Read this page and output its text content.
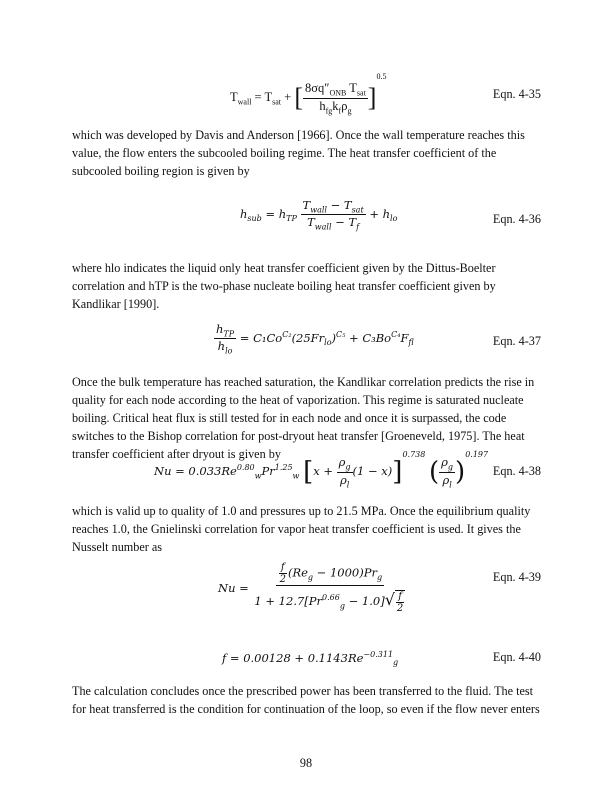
$T_{wall} = T_{sat}$ + [ $\frac{8\sigma q''_{ONB} T_{sat}}{h_{fg}k_f\rho_g} ]^{0.5}$
Eqn. 4-35
which was developed by Davis and Anderson [1966]. Once the wall temperature reaches this value, the flow enters the subcooled boiling regime. The heat transfer coefficient of the subcooled boiling region is given by
$h_{sub} = h_{TP} \frac{T_{wall} - T_{sat}}{T_{wall} - T_f} + h_{lo}$	Eqn. 4-36
where hlo indicates the liquid only heat transfer coefficient given by the Dittus-Boelter correlation and hTP is the two-phase nucleate boiling heat transfer coefficient given by Kandlikar [1990].
$\frac{h_{TP}}{h_{lo}} = C_1Co^{C_2}(25Fr_{lo})^{C_5} + C_3Bo^{C_4}F_{fl}$	Eqn. 4-37
Once the bulk temperature has reached saturation, the Kandlikar correlation predicts the rise in quality for each node according to the heat of vaporization. This regime is saturated nucleate boiling. Critical heat flux is still tested for in each node and once it is surpassed, the code switches to the Bishop correlation for post-dryout heat transfer [Groeneveld, 1975]. The heat transfer coefficient after dryout is given by
$Nu = 0.033Re^{0.80}_wPr^{1.25}_w$ $[x + \frac{\rho_g}{\rho_l} (1 - x)]^{0.738}$ ( $\frac{\rho_g}{\rho_l} )^{0.197}$
Eqn. 4-38
which is valid up to quality of 1.0 and pressures up to 21.5 MPa. Once the equilibrium quality reaches 1.0, the Gnielinski correlation for vapor heat transfer coefficient is used. It gives the Nusselt number as
$Nu = \frac{\frac{f}{2} (Re_g - 1000)Pr_g}{1 + 12.7[Pr^{0.66}_g - 1.0]√ \frac{f}{2}}$	Eqn. 4-39
$f = 0.00128 + 0.1143Re^{-0.311}_g$	Eqn. 4-40
The calculation concludes once the prescribed power has been transferred to the fluid. The test for heat transferred is the condition for continuation of the loop, so even if the flow never enters
98
